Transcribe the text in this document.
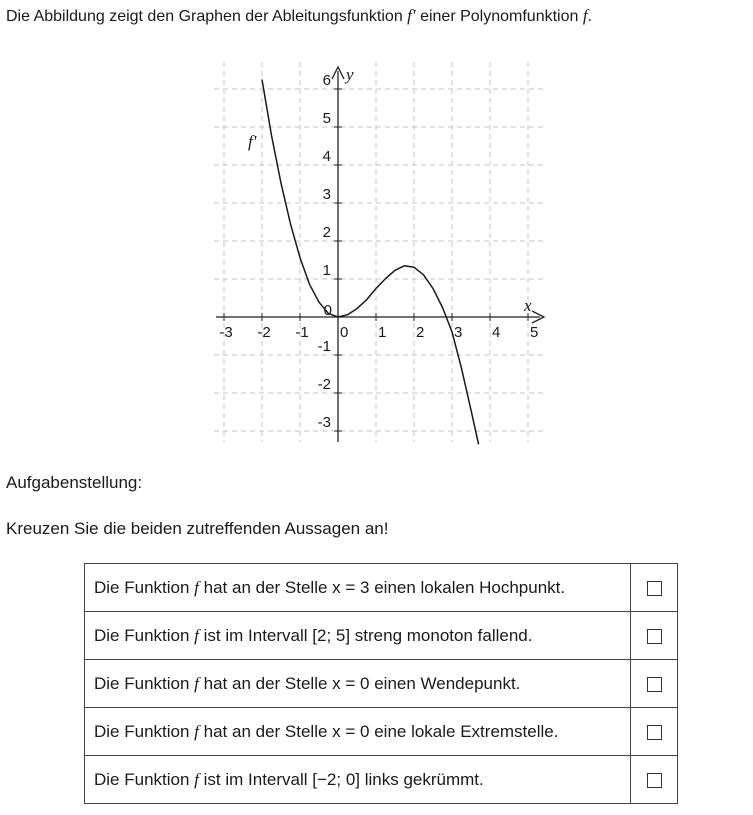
Die Abbildung zeigt den Graphen der Ableitungsfunktion f′ einer Polynomfunktion f.
-3 -2 -1 0 1 2 3 4 5
6
5
4
3
2
1
0
-1
-2
-3
x
y
f'
Aufgabenstellung:
Kreuzen Sie die beiden zutreffenden Aussagen an!
Die Funktion f hat an der Stelle x = 3 einen lokalen Hochpunkt.	
Die Funktion f ist im Intervall [2; 5] streng monoton fallend.	
Die Funktion f hat an der Stelle x = 0 einen Wendepunkt.	
Die Funktion f hat an der Stelle x = 0 eine lokale Extremstelle.	
Die Funktion f ist im Intervall [−2; 0] links gekrümmt.	
